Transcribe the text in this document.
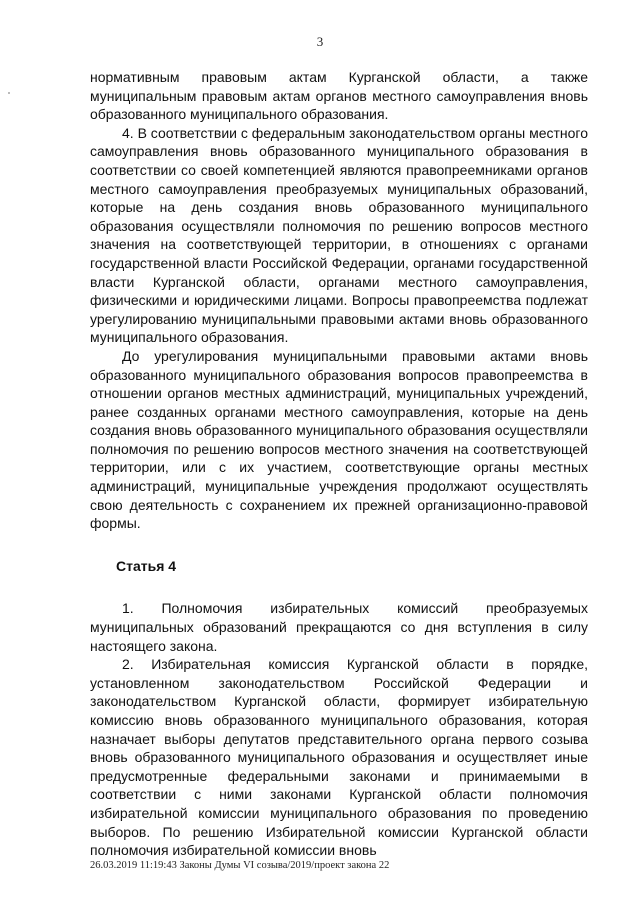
3

нормативным правовым актам Курганской области, а также муниципальным правовым актам органов местного самоуправления вновь образованного муниципального образования.

4. В соответствии с федеральным законодательством органы местного самоуправления вновь образованного муниципального образования в соответствии со своей компетенцией являются правопреемниками органов местного самоуправления преобразуемых муниципальных образований, которые на день создания вновь образованного муниципального образования осуществляли полномочия по решению вопросов местного значения на соответствующей территории, в отношениях с органами государственной власти Российской Федерации, органами государственной власти Курганской области, органами местного самоуправления, физическими и юридическими лицами. Вопросы правопреемства подлежат урегулированию муниципальными правовыми актами вновь образованного муниципального образования.

До урегулирования муниципальными правовыми актами вновь образованного муниципального образования вопросов правопреемства в отношении органов местных администраций, муниципальных учреждений, ранее созданных органами местного самоуправления, которые на день создания вновь образованного муниципального образования осуществляли полномочия по решению вопросов местного значения на соответствующей территории, или с их участием, соответствующие органы местных администраций, муниципальные учреждения продолжают осуществлять свою деятельность с сохранением их прежней организационно-правовой формы.

Статья 4

1. Полномочия избирательных комиссий преобразуемых муниципальных образований прекращаются со дня вступления в силу настоящего закона.

2. Избирательная комиссия Курганской области в порядке, установленном законодательством Российской Федерации и законодательством Курганской области, формирует избирательную комиссию вновь образованного муниципального образования, которая назначает выборы депутатов представительного органа первого созыва вновь образованного муниципального образования и осуществляет иные предусмотренные федеральными законами и принимаемыми в соответствии с ними законами Курганской области полномочия избирательной комиссии муниципального образования по проведению выборов. По решению Избирательной комиссии Курганской области полномочия избирательной комиссии вновь

26.03.2019 11:19:43 Законы Думы VI созыва/2019/проект закона 22
